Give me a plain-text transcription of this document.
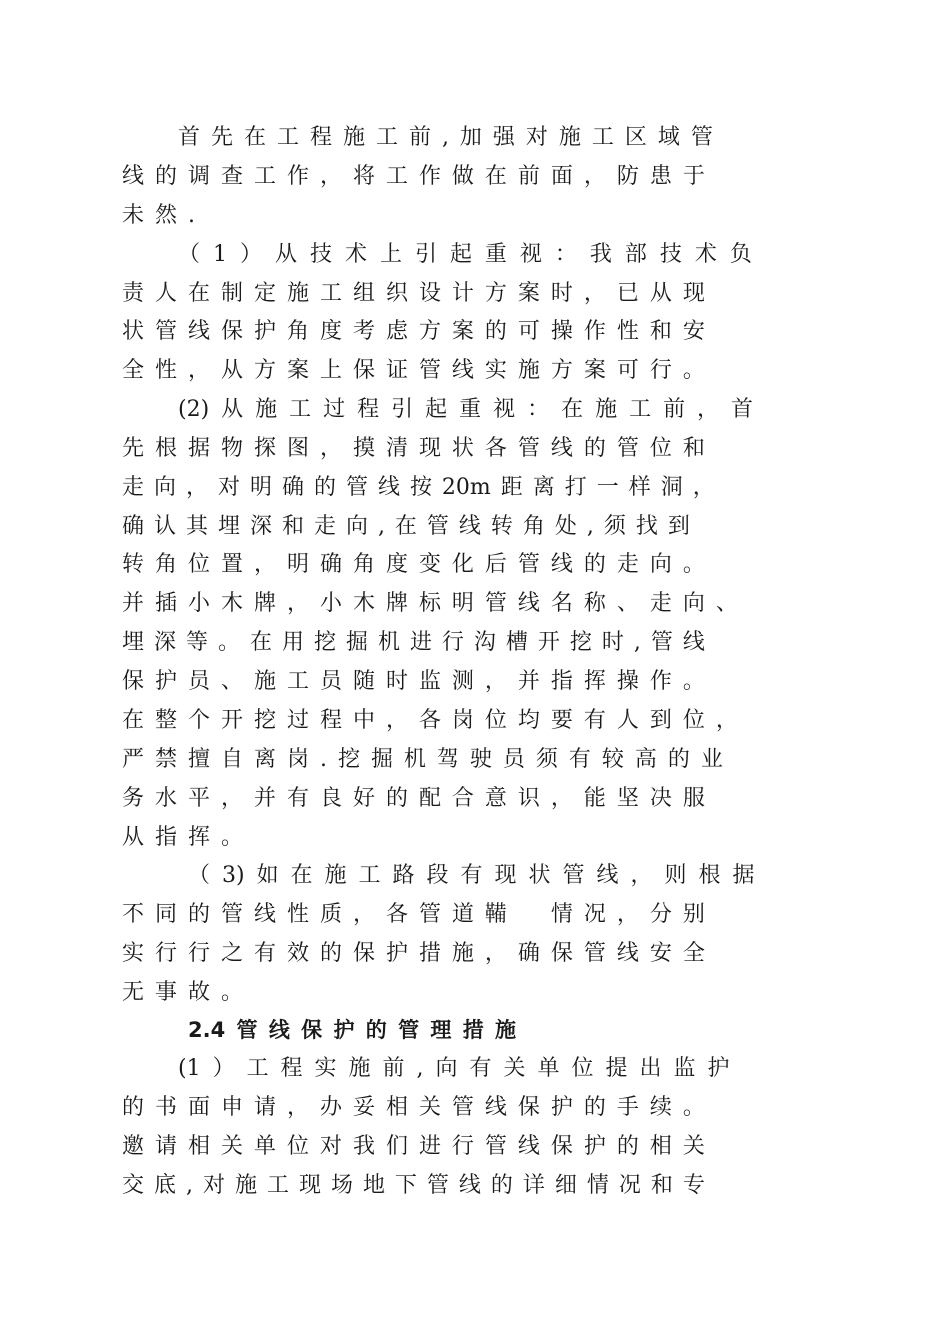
首 先 在 工 程 施 工 前 , 加 强 对 施 工 区 域 管
线 的 调 查 工 作 ， 将 工 作 做 在 前 面 ， 防 患 于
未 然 .
（ 1 ） 从 技 术 上 引 起 重 视 ： 我 部 技 术 负
责 人 在 制 定 施 工 组 织 设 计 方 案 时 ， 已 从 现
状 管 线 保 护 角 度 考 虑 方 案 的 可 操 作 性 和 安
全 性 ， 从 方 案 上 保 证 管 线 实 施 方 案 可 行 。
(2) 从 施 工 过 程 引 起 重 视 ： 在 施 工 前 ， 首
先 根 据 物 探 图 ， 摸 清 现 状 各 管 线 的 管 位 和
走 向 ， 对 明 确 的 管 线 按 20m 距 离 打 一 样 洞 ，
确 认 其 埋 深 和 走 向 , 在 管 线 转 角 处 , 须 找 到
转 角 位 置 ， 明 确 角 度 变 化 后 管 线 的 走 向 。
并 插 小 木 牌 ， 小 木 牌 标 明 管 线 名 称 、 走 向 、
埋 深 等 。 在 用 挖 掘 机 进 行 沟 槽 开 挖 时 , 管 线
保 护 员 、 施 工 员 随 时 监 测 ， 并 指 挥 操 作 。
在 整 个 开 挖 过 程 中 ， 各 岗 位 均 要 有 人 到 位 ，
严 禁 擅 自 离 岗 . 挖 掘 机 驾 驶 员 须 有 较 高 的 业
务 水 平 ， 并 有 良 好 的 配 合 意 识 ， 能 坚 决 服
从 指 挥 。
（ 3) 如 在 施 工 路 段 有 现 状 管 线 ， 则 根 据
不 同 的 管 线 性 质 ， 各 管 道 鞴 　 情 况 ， 分 别
实 行 行 之 有 效 的 保 护 措 施 ， 确 保 管 线 安 全
无 事 故 。
2.4 管 线 保 护 的 管 理 措 施
(1 ） 工 程 实 施 前 , 向 有 关 单 位 提 出 监 护
的 书 面 申 请 ， 办 妥 相 关 管 线 保 护 的 手 续 。
邀 请 相 关 单 位 对 我 们 进 行 管 线 保 护 的 相 关
交 底 , 对 施 工 现 场 地 下 管 线 的 详 细 情 况 和 专
